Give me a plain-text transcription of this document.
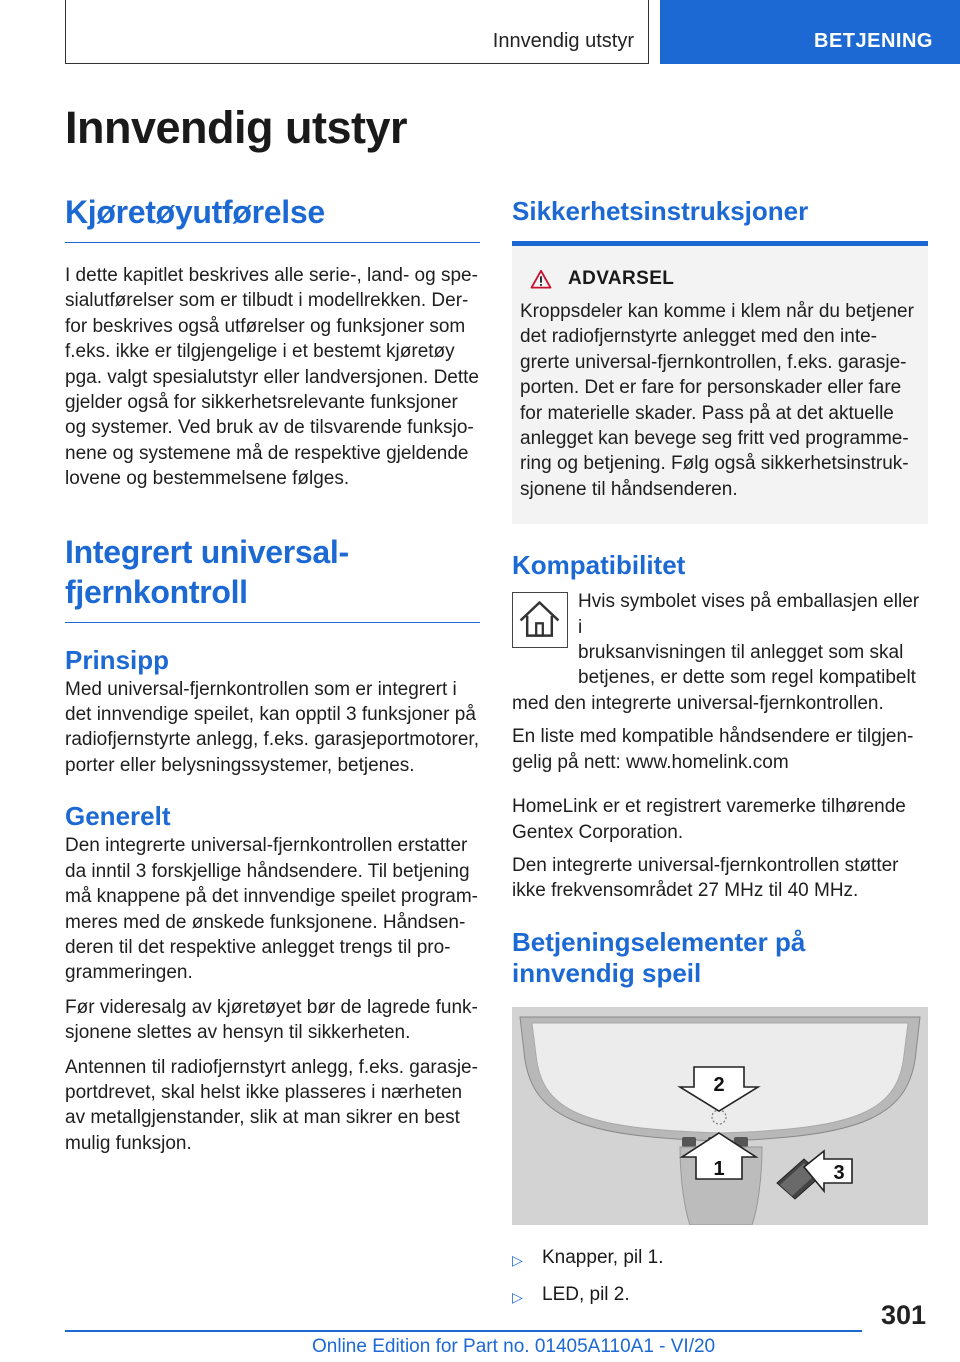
Innvendig utstyr	BETJENING
Innvendig utstyr
Kjøretøyutførelse

I dette kapitlet beskrives alle serie-, land- og spe-
sialutførelser som er tilbudt i modellrekken. Der-
for beskrives også utførelser og funksjoner som
f.eks. ikke er tilgjengelige i et bestemt kjøretøy
pga. valgt spesialutstyr eller landversjonen. Dette
gjelder også for sikkerhetsrelevante funksjoner
og systemer. Ved bruk av de tilsvarende funksjo-
nene og systemene må de respektive gjeldende
lovene og bestemmelsene følges.

Integrert universal-
fjernkontroll
Prinsipp

Med universal-fjernkontrollen som er integrert i
det innvendige speilet, kan opptil 3 funksjoner på
radiofjernstyrte anlegg, f.eks. garasjeportmotorer,
porter eller belysningssystemer, betjenes.

Generelt

Den integrerte universal-fjernkontrollen erstatter
da inntil 3 forskjellige håndsendere. Til betjening
må knappene på det innvendige speilet program-
meres med de ønskede funksjonene. Håndsen-
deren til det respektive anlegget trengs til pro-
grammeringen.

Før videresalg av kjøretøyet bør de lagrede funk-
sjonene slettes av hensyn til sikkerheten.

Antennen til radiofjernstyrt anlegg, f.eks. garasje-
portdrevet, skal helst ikke plasseres i nærheten
av metallgjenstander, slik at man sikrer en best
mulig funksjon.

Sikkerhetsinstruksjoner
ADVARSEL

Kroppsdeler kan komme i klem når du betjener
det radiofjernstyrte anlegget med den inte-
grerte universal-fjernkontrollen, f.eks. garasje-
porten. Det er fare for personskader eller fare
for materielle skader. Pass på at det aktuelle
anlegget kan bevege seg fritt ved programme-
ring og betjening. Følg også sikkerhetsinstruk-
sjonene til håndsenderen.

Kompatibilitet

Hvis symbolet vises på emballasjen eller i
bruksanvisningen til anlegget som skal
betjenes, er dette som regel kompatibelt

med den integrerte universal-fjernkontrollen.

En liste med kompatible håndsendere er tilgjen-
gelig på nett: www.homelink.com

HomeLink er et registrert varemerke tilhørende
Gentex Corporation.

Den integrerte universal-fjernkontrollen støtter
ikke frekvensområdet 27 MHz til 40 MHz.

Betjeningselementer på
innvendig speil
2
1	3
▷	Knapper, pil 1.
▷	LED, pil 2.
301
Online Edition for Part no. 01405A110A1 - VI/20
